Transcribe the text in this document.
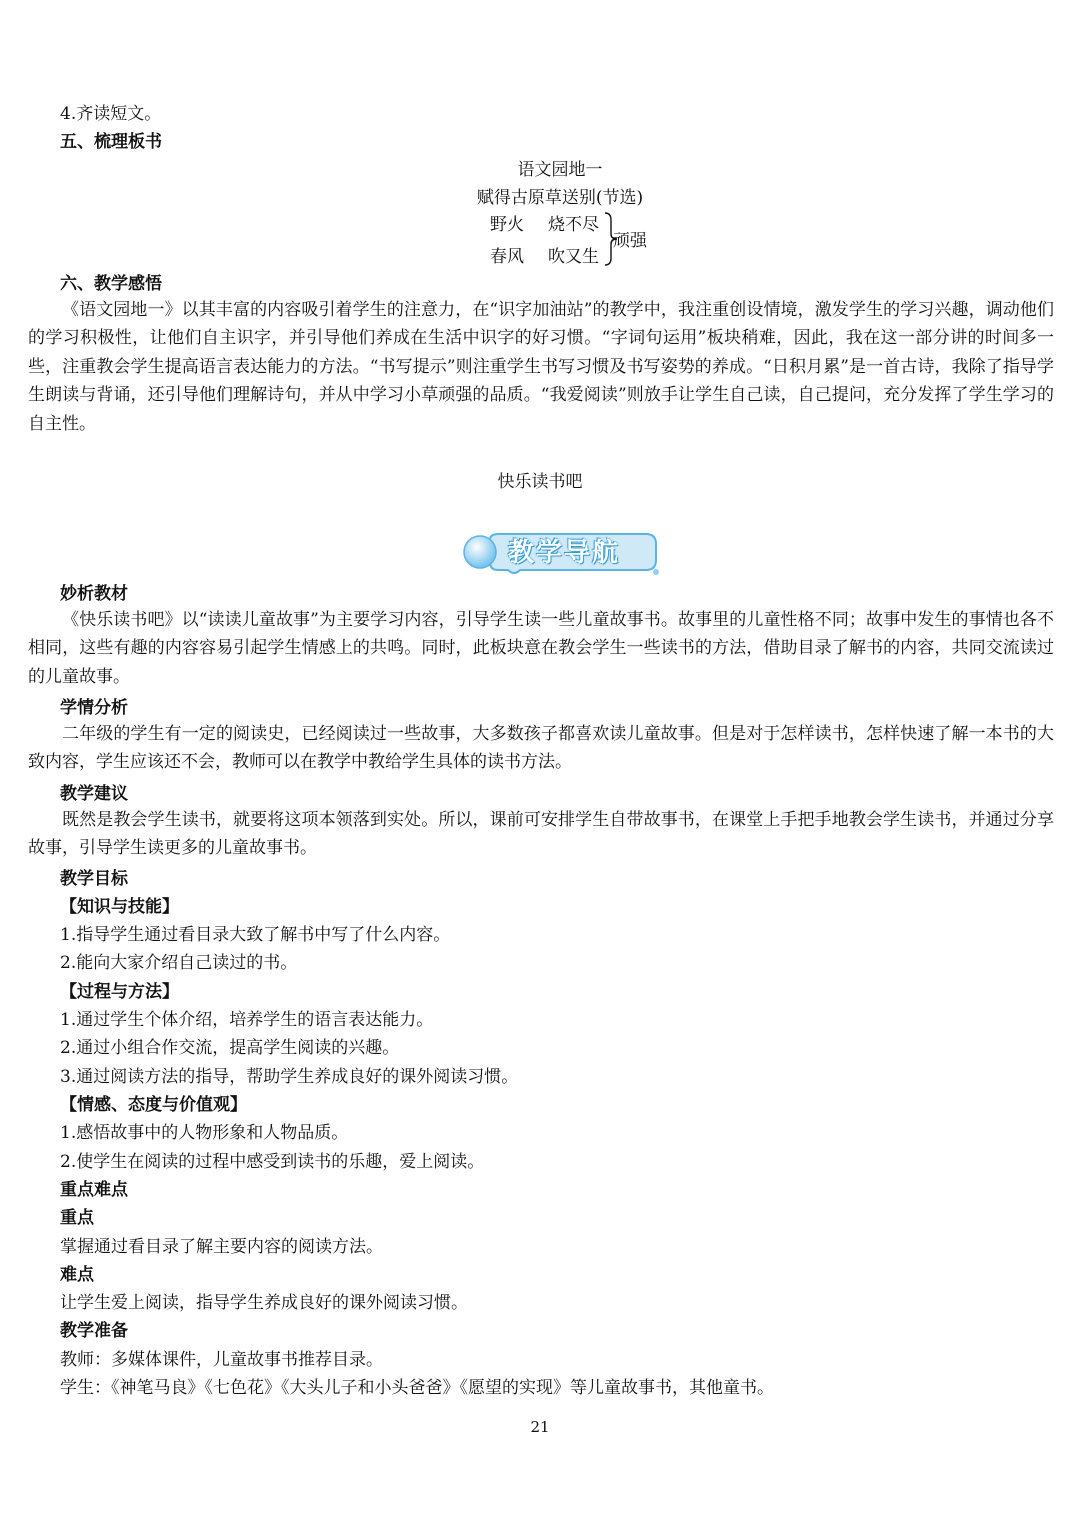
4.齐读短文。
五、梳理板书
语文园地一
赋得古原草送别(节选)
野火 烧不尽
春风 吹又生
顽强
六、教学感悟
《语文园地一》以其丰富的内容吸引着学生的注意力，在“识字加油站”的教学中，我注重创设情境，激发学生的学习兴趣，调动他们的学习积极性，让他们自主识字，并引导他们养成在生活中识字的好习惯。“字词句运用”板块稍难，因此，我在这一部分讲的时间多一些，注重教会学生提高语言表达能力的方法。“书写提示”则注重学生书写习惯及书写姿势的养成。“日积月累”是一首古诗，我除了指导学生朗读与背诵，还引导他们理解诗句，并从中学习小草顽强的品质。“我爱阅读”则放手让学生自己读，自己提问，充分发挥了学生学习的自主性。
快乐读书吧
教学导航
妙析教材
《快乐读书吧》以“读读儿童故事”为主要学习内容，引导学生读一些儿童故事书。故事里的儿童性格不同；故事中发生的事情也各不相同，这些有趣的内容容易引起学生情感上的共鸣。同时，此板块意在教会学生一些读书的方法，借助目录了解书的内容，共同交流读过的儿童故事。
学情分析
二年级的学生有一定的阅读史，已经阅读过一些故事，大多数孩子都喜欢读儿童故事。但是对于怎样读书，怎样快速了解一本书的大致内容，学生应该还不会，教师可以在教学中教给学生具体的读书方法。
教学建议
既然是教会学生读书，就要将这项本领落到实处。所以，课前可安排学生自带故事书，在课堂上手把手地教会学生读书，并通过分享故事，引导学生读更多的儿童故事书。
教学目标
【知识与技能】
1.指导学生通过看目录大致了解书中写了什么内容。
2.能向大家介绍自己读过的书。
【过程与方法】
1.通过学生个体介绍，培养学生的语言表达能力。
2.通过小组合作交流，提高学生阅读的兴趣。
3.通过阅读方法的指导，帮助学生养成良好的课外阅读习惯。
【情感、态度与价值观】
1.感悟故事中的人物形象和人物品质。
2.使学生在阅读的过程中感受到读书的乐趣，爱上阅读。
重点难点
重点
掌握通过看目录了解主要内容的阅读方法。
难点
让学生爱上阅读，指导学生养成良好的课外阅读习惯。
教学准备
教师：多媒体课件，儿童故事书推荐目录。
学生：《神笔马良》《七色花》《大头儿子和小头爸爸》《愿望的实现》等儿童故事书，其他童书。
21
